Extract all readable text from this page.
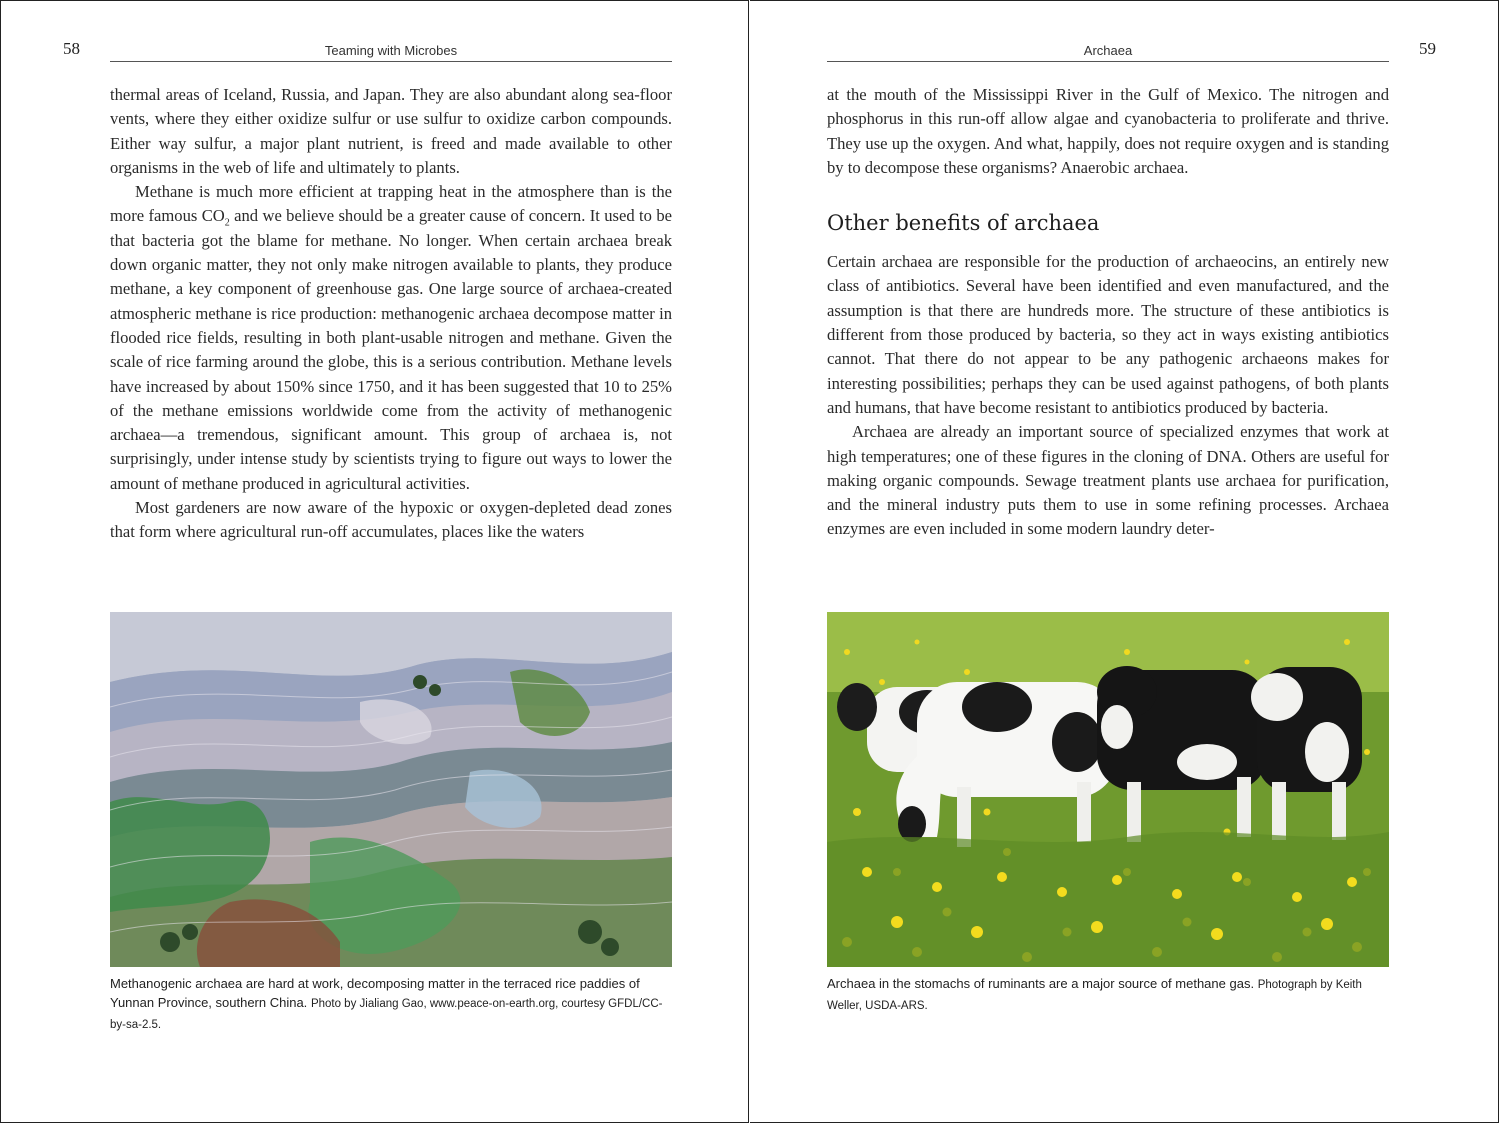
58	Teaming with Microbes

thermal areas of Iceland, Russia, and Japan. They are also abundant along sea-floor vents, where they either oxidize sulfur or use sulfur to oxidize carbon compounds. Either way sulfur, a major plant nutrient, is freed and made available to other organisms in the web of life and ultimately to plants.

Methane is much more efficient at trapping heat in the atmosphere than is the more famous $CO_2$ and we believe should be a greater cause of concern. It used to be that bacteria got the blame for methane. No longer. When certain archaea break down organic matter, they not only make nitrogen available to plants, they produce methane, a key component of greenhouse gas. One large source of archaea-created atmospheric methane is rice production: methanogenic archaea decompose matter in flooded rice fields, resulting in both plant-usable nitrogen and methane. Given the scale of rice farming around the globe, this is a serious contribution. Methane levels have increased by about 150% since 1750, and it has been suggested that 10 to 25% of the methane emissions worldwide come from the activity of methanogenic archaea—a tremendous, significant amount. This group of archaea is, not surprisingly, under intense study by scientists trying to figure out ways to lower the amount of methane produced in agricultural activities.

Most gardeners are now aware of the hypoxic or oxygen-depleted dead zones that form where agricultural run-off accumulates, places like the waters

Methanogenic archaea are hard at work, decomposing matter in the terraced rice paddies of Yunnan Province, southern China. Photo by Jialiang Gao, www.peace-on-earth.org, courtesy GFDL/CC-by-sa-2.5.
Archaea	59

at the mouth of the Mississippi River in the Gulf of Mexico. The nitrogen and phosphorus in this run-off allow algae and cyanobacteria to proliferate and thrive. They use up the oxygen. And what, happily, does not require oxygen and is standing by to decompose these organisms? Anaerobic archaea.

Other benefits of archaea

Certain archaea are responsible for the production of archaeocins, an entirely new class of antibiotics. Several have been identified and even manufactured, and the assumption is that there are hundreds more. The structure of these antibiotics is different from those produced by bacteria, so they act in ways existing antibiotics cannot. That there do not appear to be any pathogenic archaeons makes for interesting possibilities; perhaps they can be used against pathogens, of both plants and humans, that have become resistant to antibiotics produced by bacteria.

Archaea are already an important source of specialized enzymes that work at high temperatures; one of these figures in the cloning of DNA. Others are useful for making organic compounds. Sewage treatment plants use archaea for purification, and the mineral industry puts them to use in some refining processes. Archaea enzymes are even included in some modern laundry deter-

Archaea in the stomachs of ruminants are a major source of methane gas. Photograph by Keith Weller, USDA-ARS.
